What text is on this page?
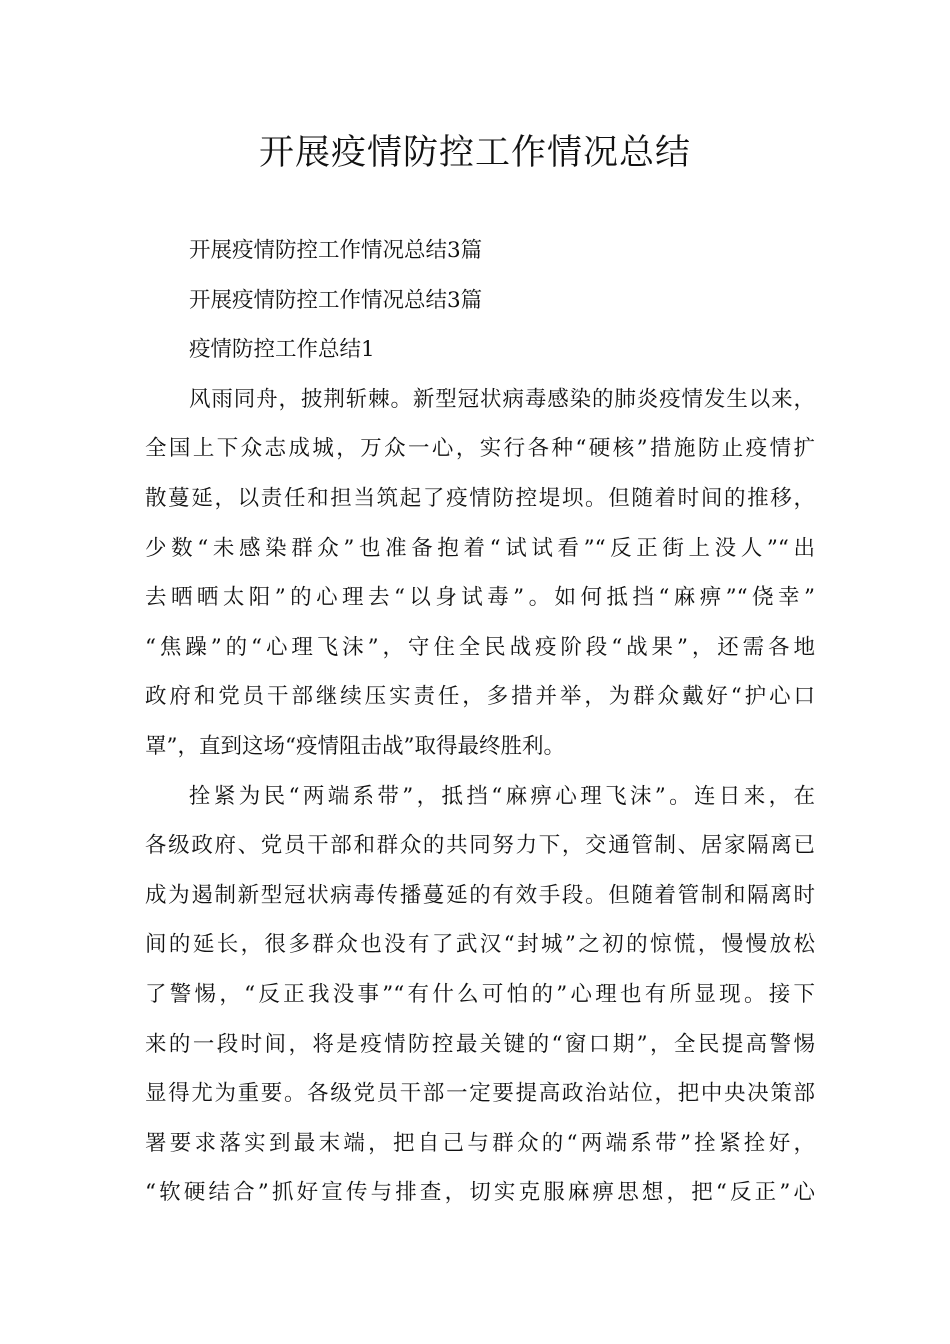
开展疫情防控工作情况总结
开展疫情防控工作情况总结3篇
开展疫情防控工作情况总结3篇
疫情防控工作总结1
风雨同舟，披荆斩棘。新型冠状病毒感染的肺炎疫情发生以来，
全国上下众志成城，万众一心，实行各种“硬核”措施防止疫情扩
散蔓延，以责任和担当筑起了疫情防控堤坝。但随着时间的推移，
少数“未感染群众”也准备抱着“试试看”“反正街上没人”“出
去晒晒太阳”的心理去“以身试毒”。如何抵挡“麻痹”“侥幸”
“焦躁”的“心理飞沫”，守住全民战疫阶段“战果”，还需各地
政府和党员干部继续压实责任，多措并举，为群众戴好“护心口
罩”，直到这场“疫情阻击战”取得最终胜利。
拴紧为民“两端系带”，抵挡“麻痹心理飞沫”。连日来，在
各级政府、党员干部和群众的共同努力下，交通管制、居家隔离已
成为遏制新型冠状病毒传播蔓延的有效手段。但随着管制和隔离时
间的延长，很多群众也没有了武汉“封城”之初的惊慌，慢慢放松
了警惕，“反正我没事”“有什么可怕的”心理也有所显现。接下
来的一段时间，将是疫情防控最关键的“窗口期”，全民提高警惕
显得尤为重要。各级党员干部一定要提高政治站位，把中央决策部
署要求落实到最末端，把自己与群众的“两端系带”拴紧拴好，
“软硬结合”抓好宣传与排查，切实克服麻痹思想，把“反正”心
